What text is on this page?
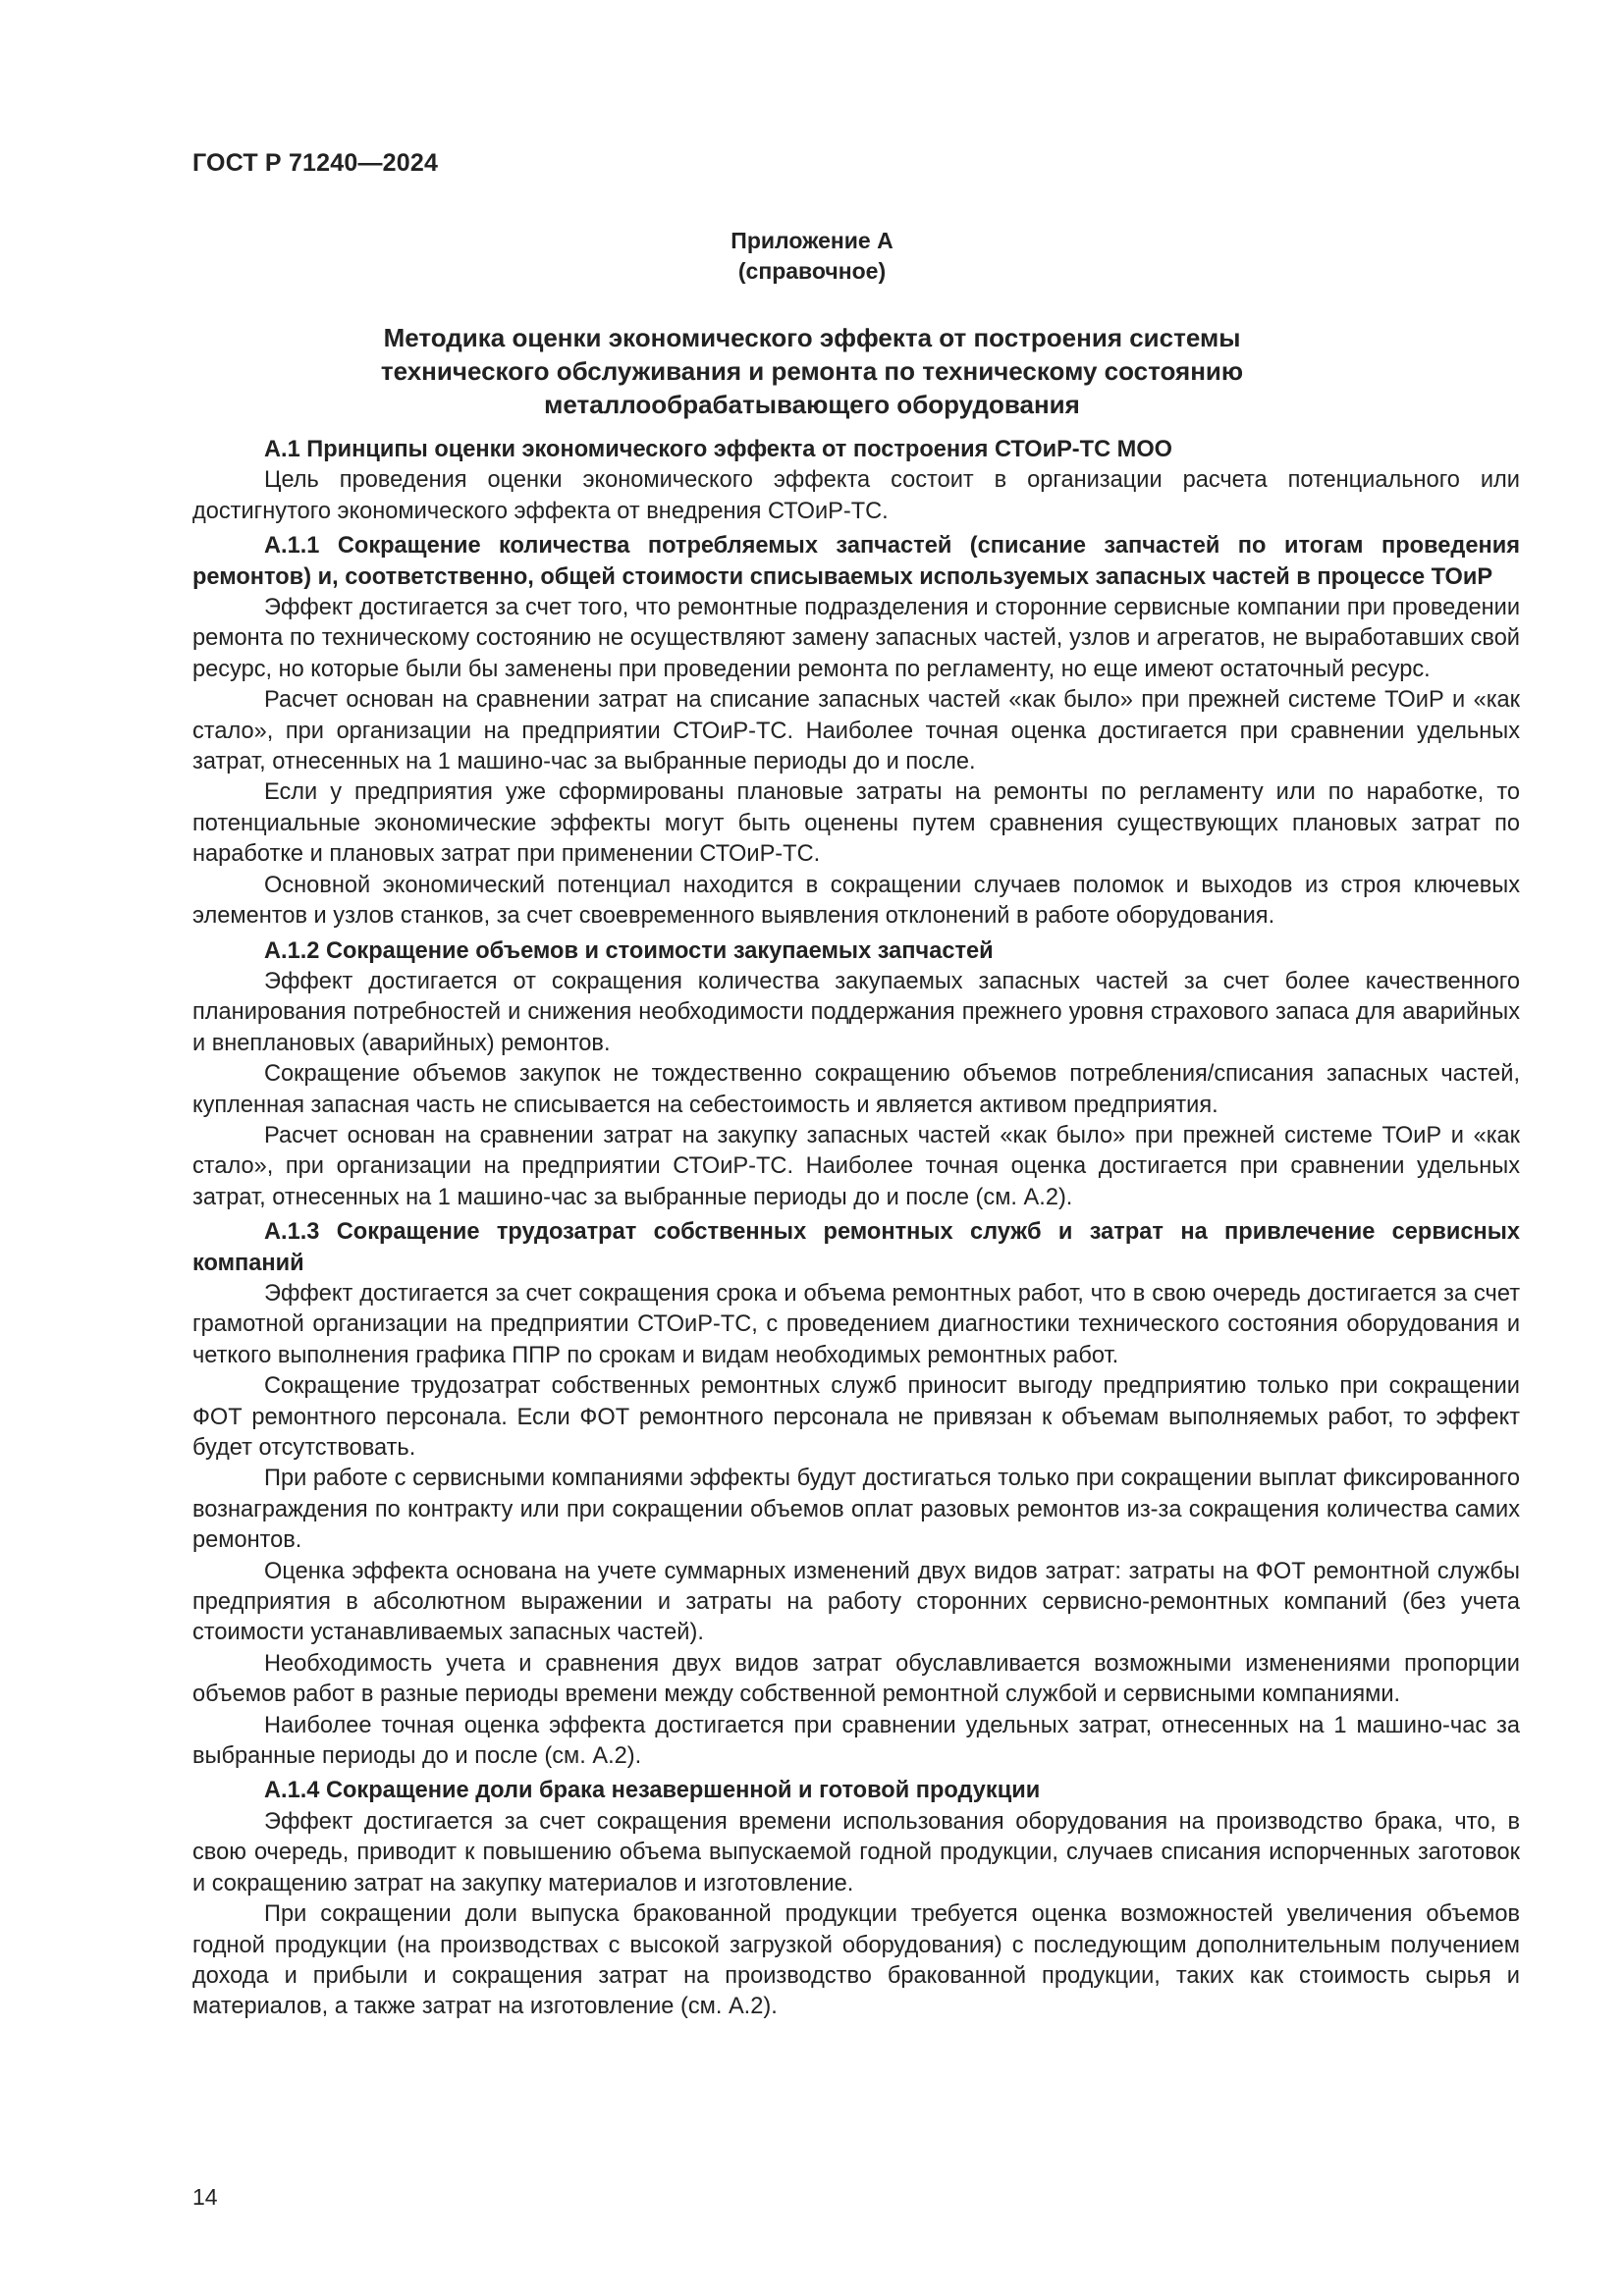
ГОСТ Р 71240—2024
Приложение А
(справочное)
Методика оценки экономического эффекта от построения системы
технического обслуживания и ремонта по техническому состоянию
металлообрабатывающего оборудования
А.1 Принципы оценки экономического эффекта от построения СТОиР-ТС МОО

Цель проведения оценки экономического эффекта состоит в организации расчета потенциального или достигнутого экономического эффекта от внедрения СТОиР-ТС.

А.1.1 Сокращение количества потребляемых запчастей (списание запчастей по итогам проведения ремонтов) и, соответственно, общей стоимости списываемых используемых запасных частей в процессе ТОиР

Эффект достигается за счет того, что ремонтные подразделения и сторонние сервисные компании при проведении ремонта по техническому состоянию не осуществляют замену запасных частей, узлов и агрегатов, не выработавших свой ресурс, но которые были бы заменены при проведении ремонта по регламенту, но еще имеют остаточный ресурс.

Расчет основан на сравнении затрат на списание запасных частей «как было» при прежней системе ТОиР и «как стало», при организации на предприятии СТОиР-ТС. Наиболее точная оценка достигается при сравнении удельных затрат, отнесенных на 1 машино-час за выбранные периоды до и после.

Если у предприятия уже сформированы плановые затраты на ремонты по регламенту или по наработке, то потенциальные экономические эффекты могут быть оценены путем сравнения существующих плановых затрат по наработке и плановых затрат при применении СТОиР-ТС.

Основной экономический потенциал находится в сокращении случаев поломок и выходов из строя ключевых элементов и узлов станков, за счет своевременного выявления отклонений в работе оборудования.

А.1.2 Сокращение объемов и стоимости закупаемых запчастей

Эффект достигается от сокращения количества закупаемых запасных частей за счет более качественного планирования потребностей и снижения необходимости поддержания прежнего уровня страхового запаса для аварийных и внеплановых (аварийных) ремонтов.

Сокращение объемов закупок не тождественно сокращению объемов потребления/списания запасных частей, купленная запасная часть не списывается на себестоимость и является активом предприятия.

Расчет основан на сравнении затрат на закупку запасных частей «как было» при прежней системе ТОиР и «как стало», при организации на предприятии СТОиР-ТС. Наиболее точная оценка достигается при сравнении удельных затрат, отнесенных на 1 машино-час за выбранные периоды до и после (см. А.2).

А.1.3 Сокращение трудозатрат собственных ремонтных служб и затрат на привлечение сервисных компаний

Эффект достигается за счет сокращения срока и объема ремонтных работ, что в свою очередь достигается за счет грамотной организации на предприятии СТОиР-ТС, с проведением диагностики технического состояния оборудования и четкого выполнения графика ППР по срокам и видам необходимых ремонтных работ.

Сокращение трудозатрат собственных ремонтных служб приносит выгоду предприятию только при сокращении ФОТ ремонтного персонала. Если ФОТ ремонтного персонала не привязан к объемам выполняемых работ, то эффект будет отсутствовать.

При работе с сервисными компаниями эффекты будут достигаться только при сокращении выплат фиксированного вознаграждения по контракту или при сокращении объемов оплат разовых ремонтов из-за сокращения количества самих ремонтов.

Оценка эффекта основана на учете суммарных изменений двух видов затрат: затраты на ФОТ ремонтной службы предприятия в абсолютном выражении и затраты на работу сторонних сервисно-ремонтных компаний (без учета стоимости устанавливаемых запасных частей).

Необходимость учета и сравнения двух видов затрат обуславливается возможными изменениями пропорции объемов работ в разные периоды времени между собственной ремонтной службой и сервисными компаниями.

Наиболее точная оценка эффекта достигается при сравнении удельных затрат, отнесенных на 1 машино-час за выбранные периоды до и после (см. А.2).

А.1.4 Сокращение доли брака незавершенной и готовой продукции

Эффект достигается за счет сокращения времени использования оборудования на производство брака, что, в свою очередь, приводит к повышению объема выпускаемой годной продукции, случаев списания испорченных заготовок и сокращению затрат на закупку материалов и изготовление.

При сокращении доли выпуска бракованной продукции требуется оценка возможностей увеличения объемов годной продукции (на производствах с высокой загрузкой оборудования) с последующим дополнительным получением дохода и прибыли и сокращения затрат на производство бракованной продукции, таких как стоимость сырья и материалов, а также затрат на изготовление (см. А.2).

14
